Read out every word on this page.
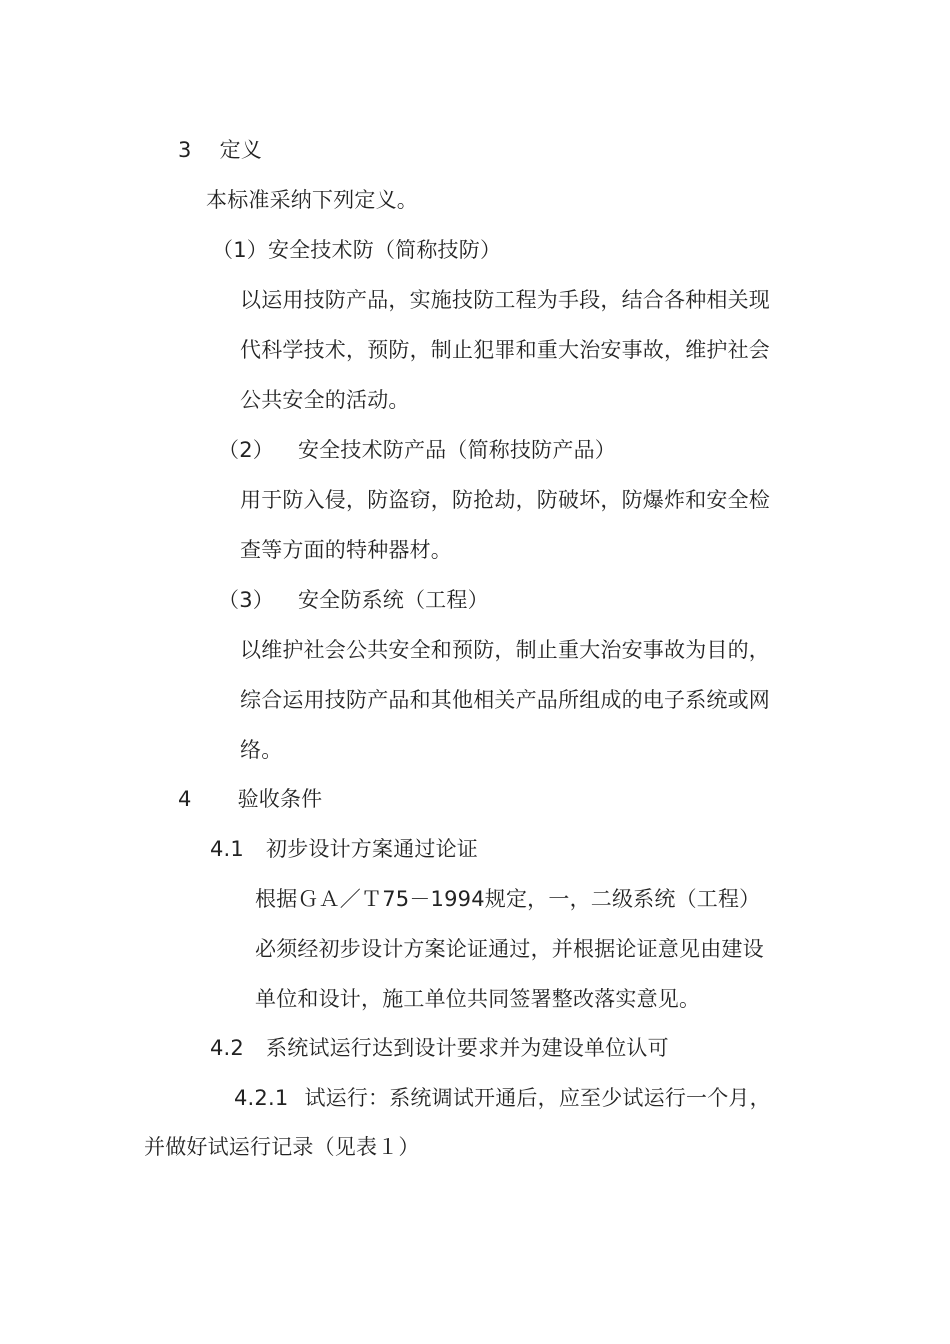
3 定义
本标准采纳下列定义。
（1）安全技术防（简称技防）
以运用技防产品，实施技防工程为手段，结合各种相关现
代科学技术，预防，制止犯罪和重大治安事故，维护社会
公共安全的活动。
（2） 安全技术防产品（简称技防产品）
用于防入侵，防盗窃，防抢劫，防破坏，防爆炸和安全检
查等方面的特种器材。
（3） 安全防系统（工程）
以维护社会公共安全和预防，制止重大治安事故为目的，
综合运用技防产品和其他相关产品所组成的电子系统或网
络。
4 验收条件
4.1 初步设计方案通过论证
根据ＧＡ／Ｔ75－1994规定，一，二级系统（工程）
必须经初步设计方案论证通过，并根据论证意见由建设
单位和设计，施工单位共同签署整改落实意见。
4.2 系统试运行达到设计要求并为建设单位认可
4.2.1 试运行：系统调试开通后，应至少试运行一个月，
并做好试运行记录（见表１）
